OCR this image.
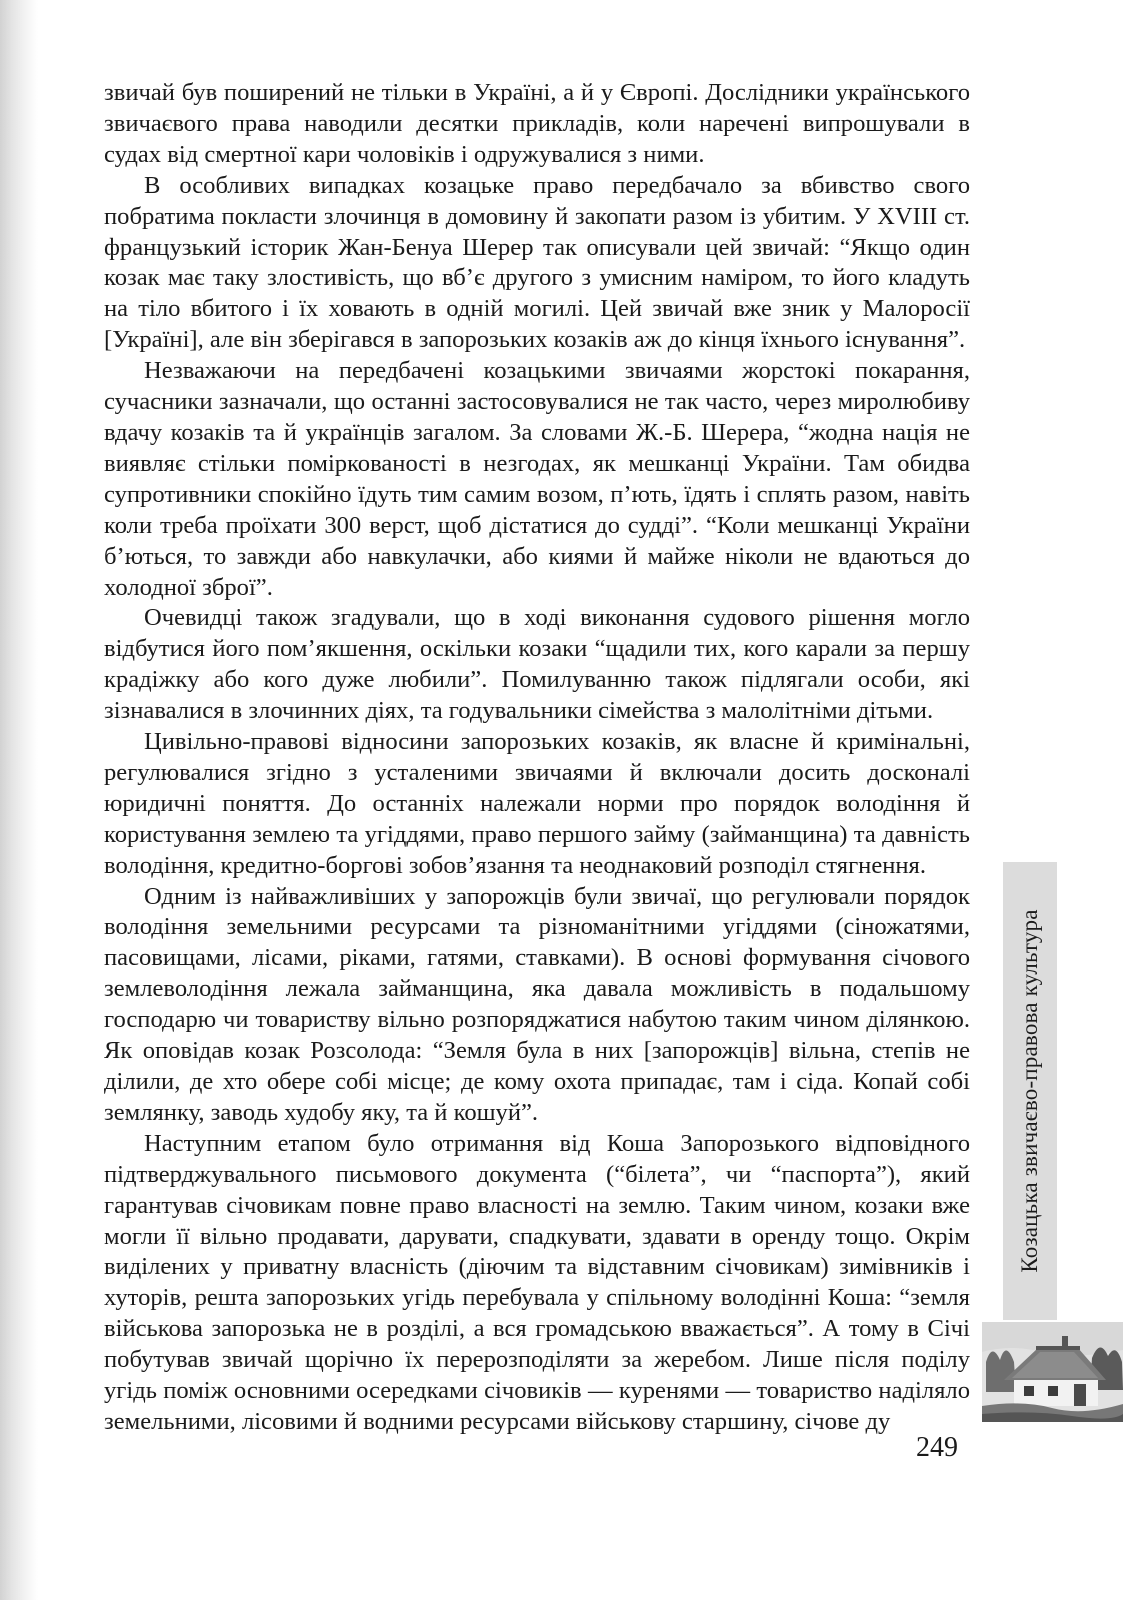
звичай був поширений не тільки в Україні, а й у Європі. Дослідники українського звичаєвого права наводили десятки прикладів, коли наречені випрошували в судах від смертної кари чоловіків і одружувалися з ними.

В особливих випадках козацьке право передбачало за вбивство свого побратима покласти злочинця в домовину й закопати разом із убитим. У XVIII ст. французький історик Жан-Бенуа Шерер так описували цей звичай: “Якщо один козак має таку злостивість, що вб’є другого з умисним наміром, то його кладуть на тіло вбитого і їх ховають в одній могилі. Цей звичай вже зник у Малоросії [Україні], але він зберігався в запорозьких козаків аж до кінця їхнього існування”.

Незважаючи на передбачені козацькими звичаями жорстокі покарання, сучасники зазначали, що останні застосовувалися не так часто, через миролюбиву вдачу козаків та й українців загалом. За словами Ж.-Б. Шерера, “жодна нація не виявляє стільки поміркованості в незгодах, як мешканці України. Там обидва супротивники спокійно їдуть тим самим возом, п’ють, їдять і сплять разом, навіть коли треба проїхати 300 верст, щоб дістатися до судді”. “Коли мешканці України б’ються, то завжди або навкулачки, або киями й майже ніколи не вдаються до холодної зброї”.

Очевидці також згадували, що в ході виконання судового рішення могло відбутися його пом’якшення, оскільки козаки “щадили тих, кого карали за першу крадіжку або кого дуже любили”. Помилуванню також підлягали особи, які зізнавалися в злочинних діях, та годувальники сімейства з малолітніми дітьми.

Цивільно-правові відносини запорозьких козаків, як власне й кримінальні, регулювалися згідно з усталеними звичаями й включали досить досконалі юридичні поняття. До останніх належали норми про порядок володіння й користування землею та угіддями, право першого займу (займанщина) та давність володіння, кредитно-боргові зобов’язання та неоднаковий розподіл стягнення.

Одним із найважливіших у запорожців були звичаї, що регулювали порядок володіння земельними ресурсами та різноманітними угіддями (сіножатями, пасовищами, лісами, ріками, гатями, ставками). В основі формування січового землеволодіння лежала займанщина, яка давала можливість в подальшому господарю чи товариству вільно розпоряджатися набутою таким чином ділянкою. Як оповідав козак Розсолода: “Земля була в них [запорожців] вільна, степів не ділили, де хто обере собі місце; де кому охота припадає, там і сіда. Копай собі землянку, заводь худобу яку, та й кошуй”.

Наступним етапом було отримання від Коша Запорозького відповідного підтверджувального письмового документа (“білета”, чи “паспорта”), який гарантував січовикам повне право власності на землю. Таким чином, козаки вже могли її вільно продавати, дарувати, спадкувати, здавати в оренду тощо. Окрім виділених у приватну власність (діючим та відставним січовикам) зимівників і хуторів, решта запорозьких угідь перебувала у спільному володінні Коша: “земля військова запорозька не в розділі, а вся громадською вважається”. А тому в Січі побутував звичай щорічно їх перерозподіляти за жеребом. Лише після поділу угідь поміж основними осередками січовиків — куренями — товариство наділяло земельними, лісовими й водними ресурсами військову старшину, січове ду

Козацька звичаєво-правова культура
249
